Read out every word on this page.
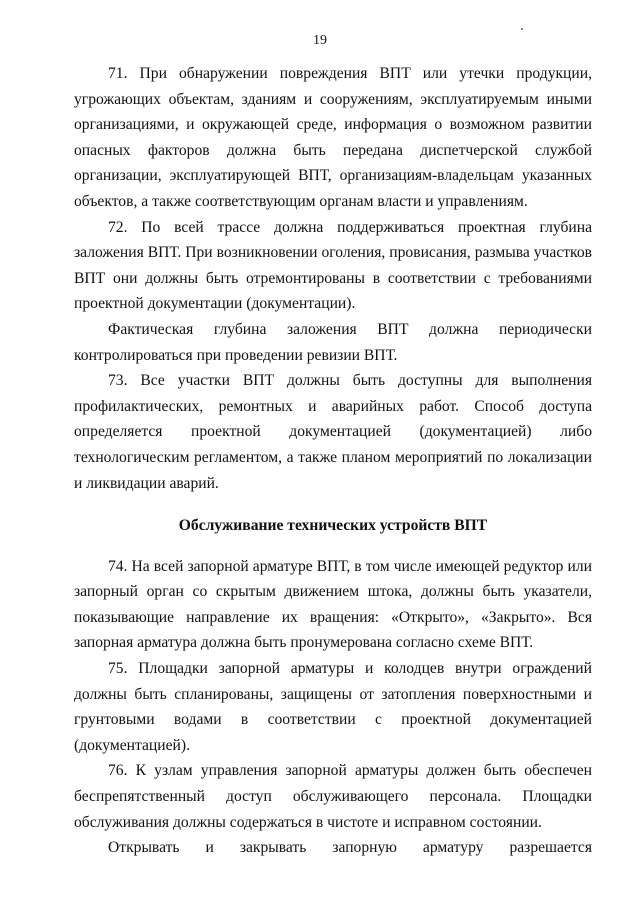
19

71. При обнаружении повреждения ВПТ или утечки продукции, угрожающих объектам, зданиям и сооружениям, эксплуатируемым иными организациями, и окружающей среде, информация о возможном развитии опасных факторов должна быть передана диспетчерской службой организации, эксплуатирующей ВПТ, организациям-владельцам указанных объектов, а также соответствующим органам власти и управлениям.

72. По всей трассе должна поддерживаться проектная глубина заложения ВПТ. При возникновении оголения, провисания, размыва участков ВПТ они должны быть отремонтированы в соответствии с требованиями проектной документации (документации).

Фактическая глубина заложения ВПТ должна периодически контролироваться при проведении ревизии ВПТ.

73. Все участки ВПТ должны быть доступны для выполнения профилактических, ремонтных и аварийных работ. Способ доступа определяется проектной документацией (документацией) либо технологическим регламентом, а также планом мероприятий по локализации и ликвидации аварий.

Обслуживание технических устройств ВПТ

74. На всей запорной арматуре ВПТ, в том числе имеющей редуктор или запорный орган со скрытым движением штока, должны быть указатели, показывающие направление их вращения: «Открыто», «Закрыто». Вся запорная арматура должна быть пронумерована согласно схеме ВПТ.

75. Площадки запорной арматуры и колодцев внутри ограждений должны быть спланированы, защищены от затопления поверхностными и грунтовыми водами в соответствии с проектной документацией (документацией).

76. К узлам управления запорной арматуры должен быть обеспечен беспрепятственный доступ обслуживающего персонала. Площадки обслуживания должны содержаться в чистоте и исправном состоянии.

Открывать и закрывать запорную арматуру разрешается
